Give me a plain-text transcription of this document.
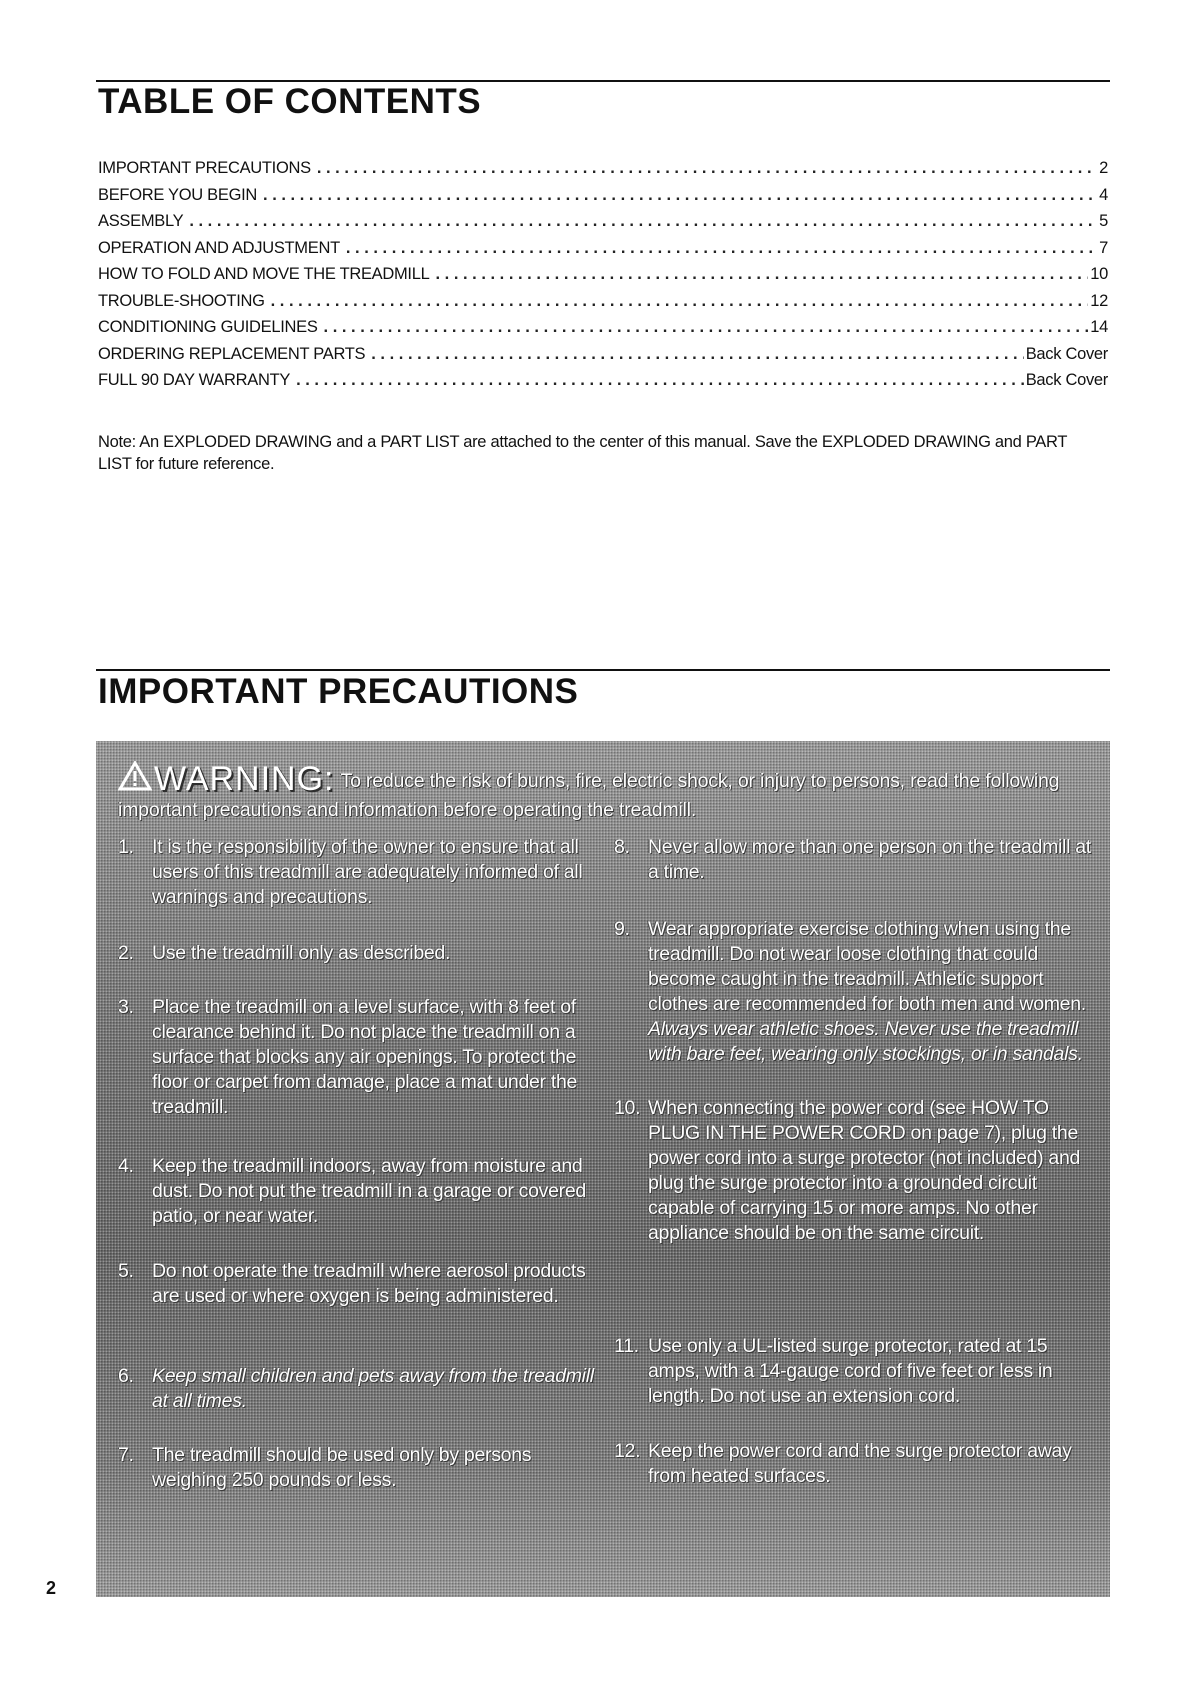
TABLE OF CONTENTS
IMPORTANT PRECAUTIONS . . .	2
BEFORE YOU BEGIN . . .	4
ASSEMBLY . . .	5
OPERATION AND ADJUSTMENT . . .	7
HOW TO FOLD AND MOVE THE TREADMILL . . .	10
TROUBLE-SHOOTING . . .	12
CONDITIONING GUIDELINES . . .	14
ORDERING REPLACEMENT PARTS . . .	Back Cover
FULL 90 DAY WARRANTY . . .	Back Cover

Note: An EXPLODED DRAWING and a PART LIST are attached to the center of this manual. Save the EXPLODED DRAWING and PART LIST for future reference.

IMPORTANT PRECAUTIONS
WARNING: To reduce the risk of burns, fire, electric shock, or injury to persons, read the following important precautions and information before operating the treadmill.
1. It is the responsibility of the owner to ensure that all users of this treadmill are adequately informed of all warnings and precautions.
2. Use the treadmill only as described.
3. Place the treadmill on a level surface, with 8 feet of clearance behind it. Do not place the treadmill on a surface that blocks any air openings. To protect the floor or carpet from damage, place a mat under the treadmill.
4. Keep the treadmill indoors, away from moisture and dust. Do not put the treadmill in a garage or covered patio, or near water.
5. Do not operate the treadmill where aerosol products are used or where oxygen is being administered.
6. Keep small children and pets away from the treadmill at all times.
7. The treadmill should be used only by persons weighing 250 pounds or less.
8. Never allow more than one person on the treadmill at a time.
9. Wear appropriate exercise clothing when using the treadmill. Do not wear loose clothing that could become caught in the treadmill. Athletic support clothes are recommended for both men and women. Always wear athletic shoes. Never use the treadmill with bare feet, wearing only stockings, or in sandals.
10. When connecting the power cord (see HOW TO PLUG IN THE POWER CORD on page 7), plug the power cord into a surge protector (not included) and plug the surge protector into a grounded circuit capable of carrying 15 or more amps. No other appliance should be on the same circuit.
11. Use only a UL-listed surge protector, rated at 15 amps, with a 14-gauge cord of five feet or less in length. Do not use an extension cord.
12. Keep the power cord and the surge protector away from heated surfaces.
2
